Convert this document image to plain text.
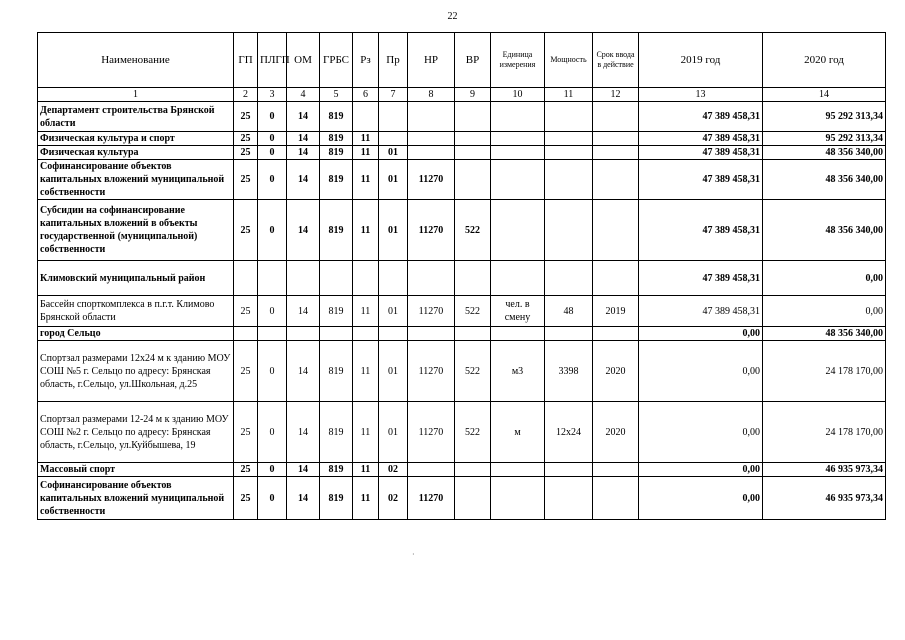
22
Наименование	ГП	ПЛГП	ОМ	ГРБС	Рз	Пр	НР	ВР	Единица измерения	Мощность	Срок ввода в действие	2019 год	2020 год
1	2	3	4	5	6	7	8	9	10	11	12	13	14
Департамент строительства Брянской области	25	0	14	819								47 389 458,31	95 292 313,34
Физическая культура и спорт	25	0	14	819	11							47 389 458,31	95 292 313,34
Физическая культура	25	0	14	819	11	01						47 389 458,31	48 356 340,00
Софинансирование объектов капитальных вложений муниципальной собственности	25	0	14	819	11	01	11270					47 389 458,31	48 356 340,00
Субсидии на софинансирование капитальных вложений в объекты государственной (муниципальной) собственности	25	0	14	819	11	01	11270	522				47 389 458,31	48 356 340,00
Климовский муниципальный район												47 389 458,31	0,00
Бассейн спорткомплекса в п.г.т. Климово Брянской области	25	0	14	819	11	01	11270	522	чел. в смену	48	2019	47 389 458,31	0,00
город Сельцо												0,00	48 356 340,00
Спортзал размерами 12х24 м к зданию МОУ СОШ №5 г. Сельцо по адресу: Брянская область, г.Сельцо, ул.Школьная, д.25	25	0	14	819	11	01	11270	522	м3	3398	2020	0,00	24 178 170,00
Спортзал размерами 12-24 м к зданию МОУ СОШ №2 г. Сельцо по адресу: Брянская область, г.Сельцо, ул.Куйбышева, 19	25	0	14	819	11	01	11270	522	м	12х24	2020	0,00	24 178 170,00
Массовый спорт	25	0	14	819	11	02						0,00	46 935 973,34
Софинансирование объектов капитальных вложений муниципальной собственности	25	0	14	819	11	02	11270					0,00	46 935 973,34
·
